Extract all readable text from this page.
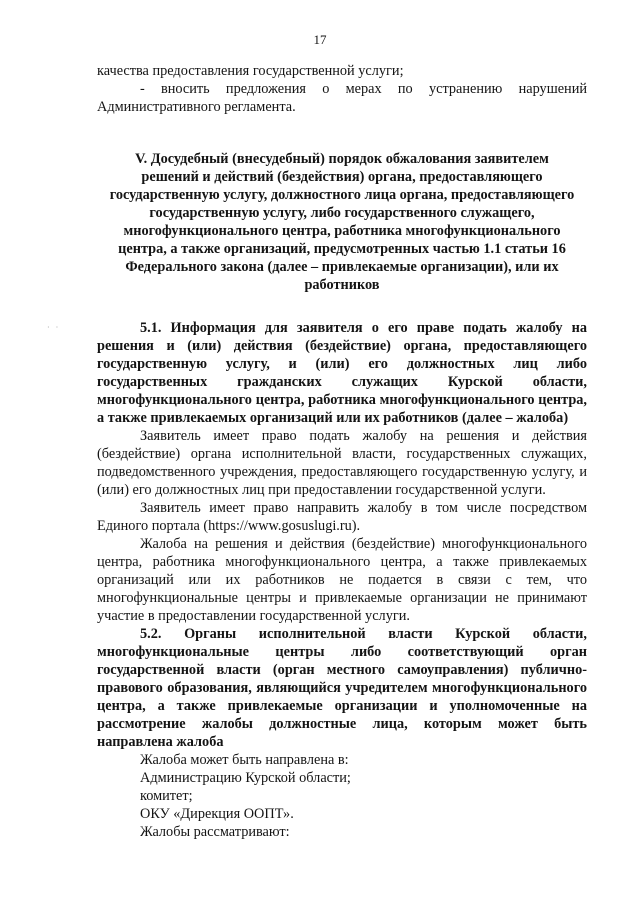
17
· ·

качества предоставления государственной услуги;

- вносить предложения о мерах по устранению нарушений Административного регламента.

V. Досудебный (внесудебный) порядок обжалования заявителем решений и действий (бездействия) органа, предоставляющего государственную услугу, должностного лица органа, предоставляющего государственную услугу, либо государственного служащего, многофункционального центра, работника многофункционального центра, а также организаций, предусмотренных частью 1.1 статьи 16 Федерального закона (далее – привлекаемые организации), или их работников

5.1. Информация для заявителя о его праве подать жалобу на решения и (или) действия (бездействие) органа, предоставляющего государственную услугу, и (или) его должностных лиц либо государственных гражданских служащих Курской области, многофункционального центра, работника многофункционального центра, а также привлекаемых организаций или их работников (далее – жалоба)

Заявитель имеет право подать жалобу на решения и действия (бездействие) органа исполнительной власти, государственных служащих, подведомственного учреждения, предоставляющего государственную услугу, и (или) его должностных лиц при предоставлении государственной услуги.

Заявитель имеет право направить жалобу в том числе посредством Единого портала (https://www.gosuslugi.ru).

Жалоба на решения и действия (бездействие) многофункционального центра, работника многофункционального центра, а также привлекаемых организаций или их работников не подается в связи с тем, что многофункциональные центры и привлекаемые организации не принимают участие в предоставлении государственной услуги.

5.2. Органы исполнительной власти Курской области, многофункциональные центры либо соответствующий орган государственной власти (орган местного самоуправления) публично-правового образования, являющийся учредителем многофункционального центра, а также привлекаемые организации и уполномоченные на рассмотрение жалобы должностные лица, которым может быть направлена жалоба

Жалоба может быть направлена в:

Администрацию Курской области;

комитет;

ОКУ «Дирекция ООПТ».

Жалобы рассматривают:
